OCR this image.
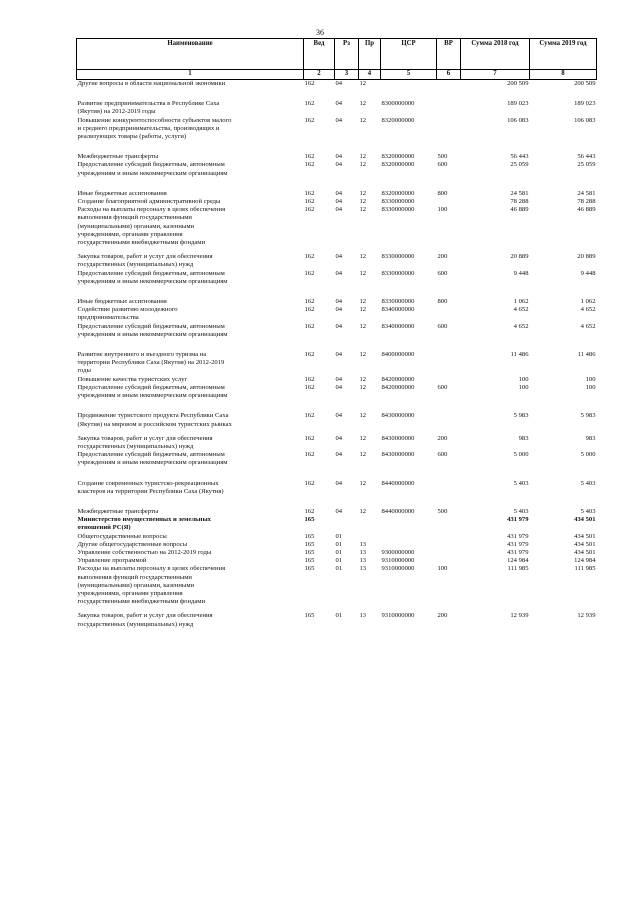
36
Наименование	Вед	Рз	Пр	ЦСР	ВР	Сумма 2018 год	Сумма 2019 год
1	2	3	4	5	6	7	8

Другие вопросы в области национальной экономики	162	04	12			200 509	200 509

Развитие предпринимательства в Республике Саха
(Якутия) на 2012-2019 годы	162	04	12	8300000000		189 023	189 023

Повышение конкурентоспособности субъектов малого
и среднего предпринимательства, производящих и
реализующих товары (работы, услуги)	162	04	12	8320000000		106 083	106 083

Межбюджетные трансферты	162	04	12	8320000000	500	56 443	56 443

Предоставление субсидий бюджетным, автономным
учреждениям и иным некоммерческим организациям	162	04	12	8320000000	600	25 059	25 059

Иные бюджетные ассигнования	162	04	12	8320000000	800	24 581	24 581

Создание благоприятной административной среды	162	04	12	8330000000		78 288	78 288

Расходы на выплаты персоналу в целях обеспечения
выполнения функций государственными
(муниципальными) органами, казенными
учреждениями, органами управления
государственными внебюджетными фондами	162	04	12	8330000000	100	46 889	46 889

Закупка товаров, работ и услуг для обеспечения
государственных (муниципальных) нужд	162	04	12	8330000000	200	20 889	20 889

Предоставление субсидий бюджетным, автономным
учреждениям и иным некоммерческим организациям	162	04	12	8330000000	600	9 448	9 448

Иные бюджетные ассигнования	162	04	12	8330000000	800	1 062	1 062

Содействие развитию молодежного
предпринимательства	162	04	12	8340000000		4 652	4 652

Предоставление субсидий бюджетным, автономным
учреждениям и иным некоммерческим организациям	162	04	12	8340000000	600	4 652	4 652

Развитие внутреннего и въездного туризма на
территории Республики Саха (Якутия) на 2012-2019
годы	162	04	12	8400000000		11 486	11 486

Повышение качества туристских услуг	162	04	12	8420000000		100	100

Предоставление субсидий бюджетным, автономным
учреждениям и иным некоммерческим организациям	162	04	12	8420000000	600	100	100

Продвижение туристского продукта Республики Саха
(Якутия) на мировом и российском туристских рынках	162	04	12	8430000000		5 983	5 983

Закупка товаров, работ и услуг для обеспечения
государственных (муниципальных) нужд	162	04	12	8430000000	200	983	983

Предоставление субсидий бюджетным, автономным
учреждениям и иным некоммерческим организациям	162	04	12	8430000000	600	5 000	5 000

Создание современных туристско-рекреационных
кластеров на территории Республики Саха (Якутия)	162	04	12	8440000000		5 403	5 403

Межбюджетные трансферты	162	04	12	8440000000	500	5 403	5 403

Министерство имущественных и земельных
отношений РС(Я)	165					431 979	434 501

Общегосударственные вопросы	165	01				431 979	434 501

Другие общегосударственные вопросы	165	01	13			431 979	434 501

Управление собственностью на 2012-2019 годы	165	01	13	9300000000		431 979	434 501

Управление программой	165	01	13	9310000000		124 984	124 984

Расходы на выплаты персоналу в целях обеспечения
выполнения функций государственными
(муниципальными) органами, казенными
учреждениями, органами управления
государственными внебюджетными фондами	165	01	13	9310000000	100	111 985	111 985

Закупка товаров, работ и услуг для обеспечения
государственных (муниципальных) нужд	165	01	13	9310000000	200	12 939	12 939
